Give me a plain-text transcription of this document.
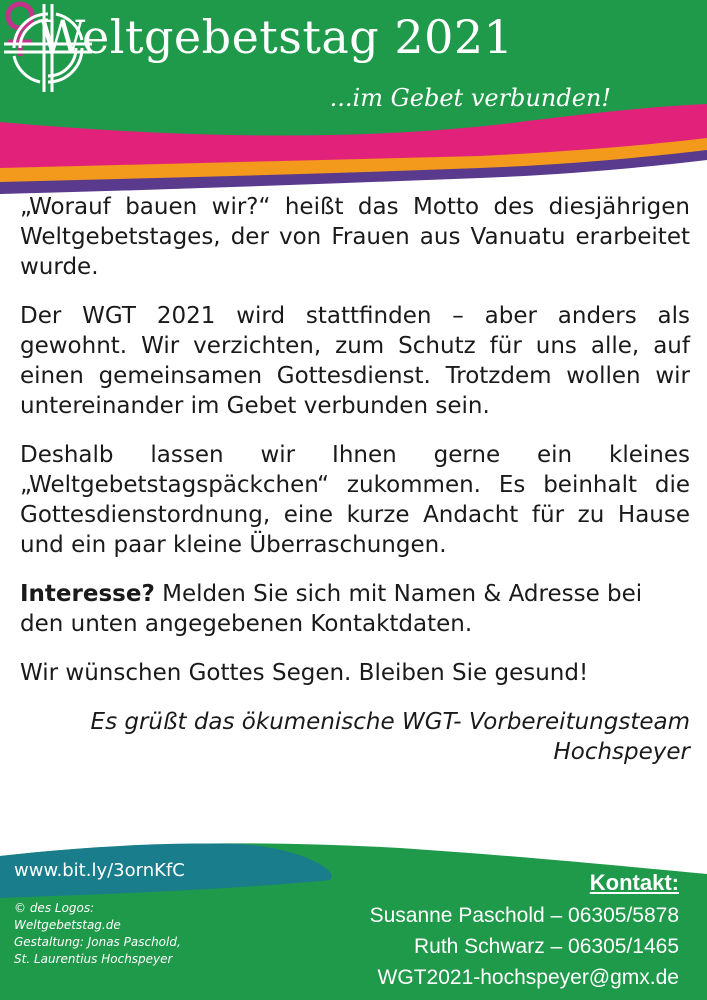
Weltgebetstag 2021
...im Gebet verbunden!

„Worauf bauen wir?“ heißt das Motto des diesjährigen Weltgebetstages, der von Frauen aus Vanuatu erarbeitet wurde.

Der WGT 2021 wird stattfinden – aber anders als gewohnt. Wir verzichten, zum Schutz für uns alle, auf einen gemeinsamen Gottesdienst. Trotzdem wollen wir untereinander im Gebet verbunden sein.

Deshalb lassen wir Ihnen gerne ein kleines „Weltgebetstagspäckchen“ zukommen. Es beinhalt die Gottesdienstordnung, eine kurze Andacht für zu Hause und ein paar kleine Überraschungen.

Interesse? Melden Sie sich mit Namen & Adresse bei den unten angegebenen Kontaktdaten.

Wir wünschen Gottes Segen. Bleiben Sie gesund!

Es grüßt das ökumenische WGT- Vorbereitungsteam
Hochspeyer

www.bit.ly/3ornKfC
© des Logos:
Weltgebetstag.de
Gestaltung: Jonas Paschold,
St. Laurentius Hochspeyer
Kontakt:
Susanne Paschold – 06305/5878
Ruth Schwarz – 06305/1465
WGT2021-hochspeyer@gmx.de
